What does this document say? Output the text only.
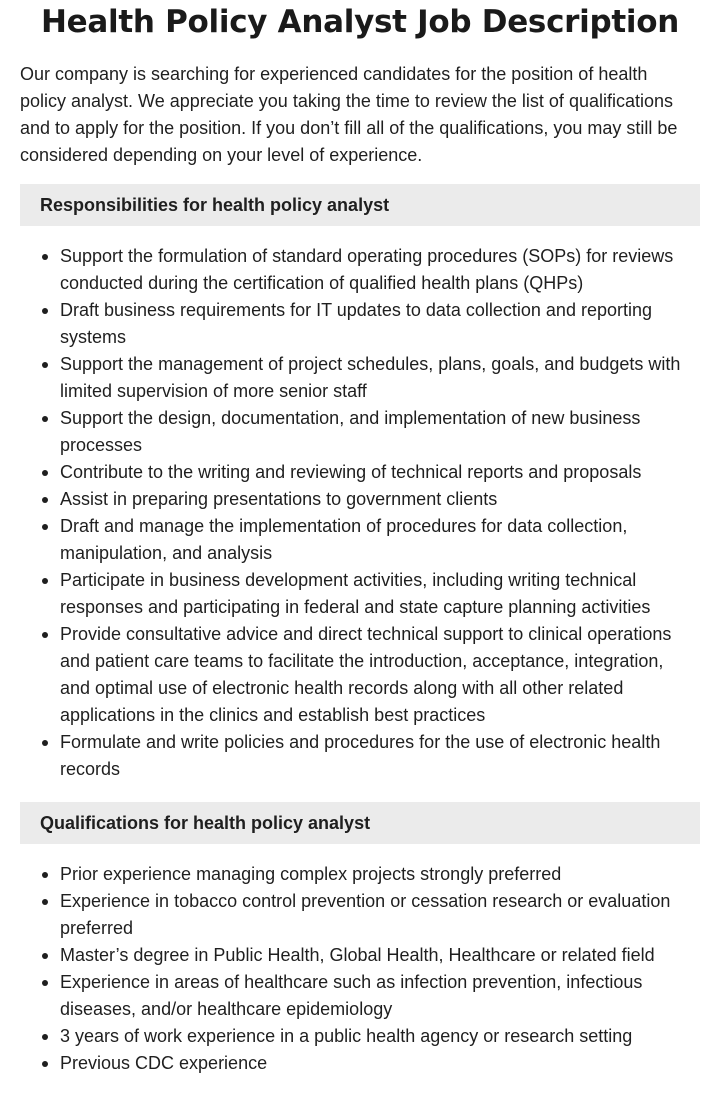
Health Policy Analyst Job Description

Our company is searching for experienced candidates for the position of health policy analyst. We appreciate you taking the time to review the list of qualifications and to apply for the position. If you don’t fill all of the qualifications, you may still be considered depending on your level of experience.

Responsibilities for health policy analyst
Support the formulation of standard operating procedures (SOPs) for reviews conducted during the certification of qualified health plans (QHPs)
Draft business requirements for IT updates to data collection and reporting systems
Support the management of project schedules, plans, goals, and budgets with limited supervision of more senior staff
Support the design, documentation, and implementation of new business processes
Contribute to the writing and reviewing of technical reports and proposals
Assist in preparing presentations to government clients
Draft and manage the implementation of procedures for data collection, manipulation, and analysis
Participate in business development activities, including writing technical responses and participating in federal and state capture planning activities
Provide consultative advice and direct technical support to clinical operations and patient care teams to facilitate the introduction, acceptance, integration, and optimal use of electronic health records along with all other related applications in the clinics and establish best practices
Formulate and write policies and procedures for the use of electronic health records
Qualifications for health policy analyst
Prior experience managing complex projects strongly preferred
Experience in tobacco control prevention or cessation research or evaluation preferred
Master’s degree in Public Health, Global Health, Healthcare or related field
Experience in areas of healthcare such as infection prevention, infectious diseases, and/or healthcare epidemiology
3 years of work experience in a public health agency or research setting
Previous CDC experience
